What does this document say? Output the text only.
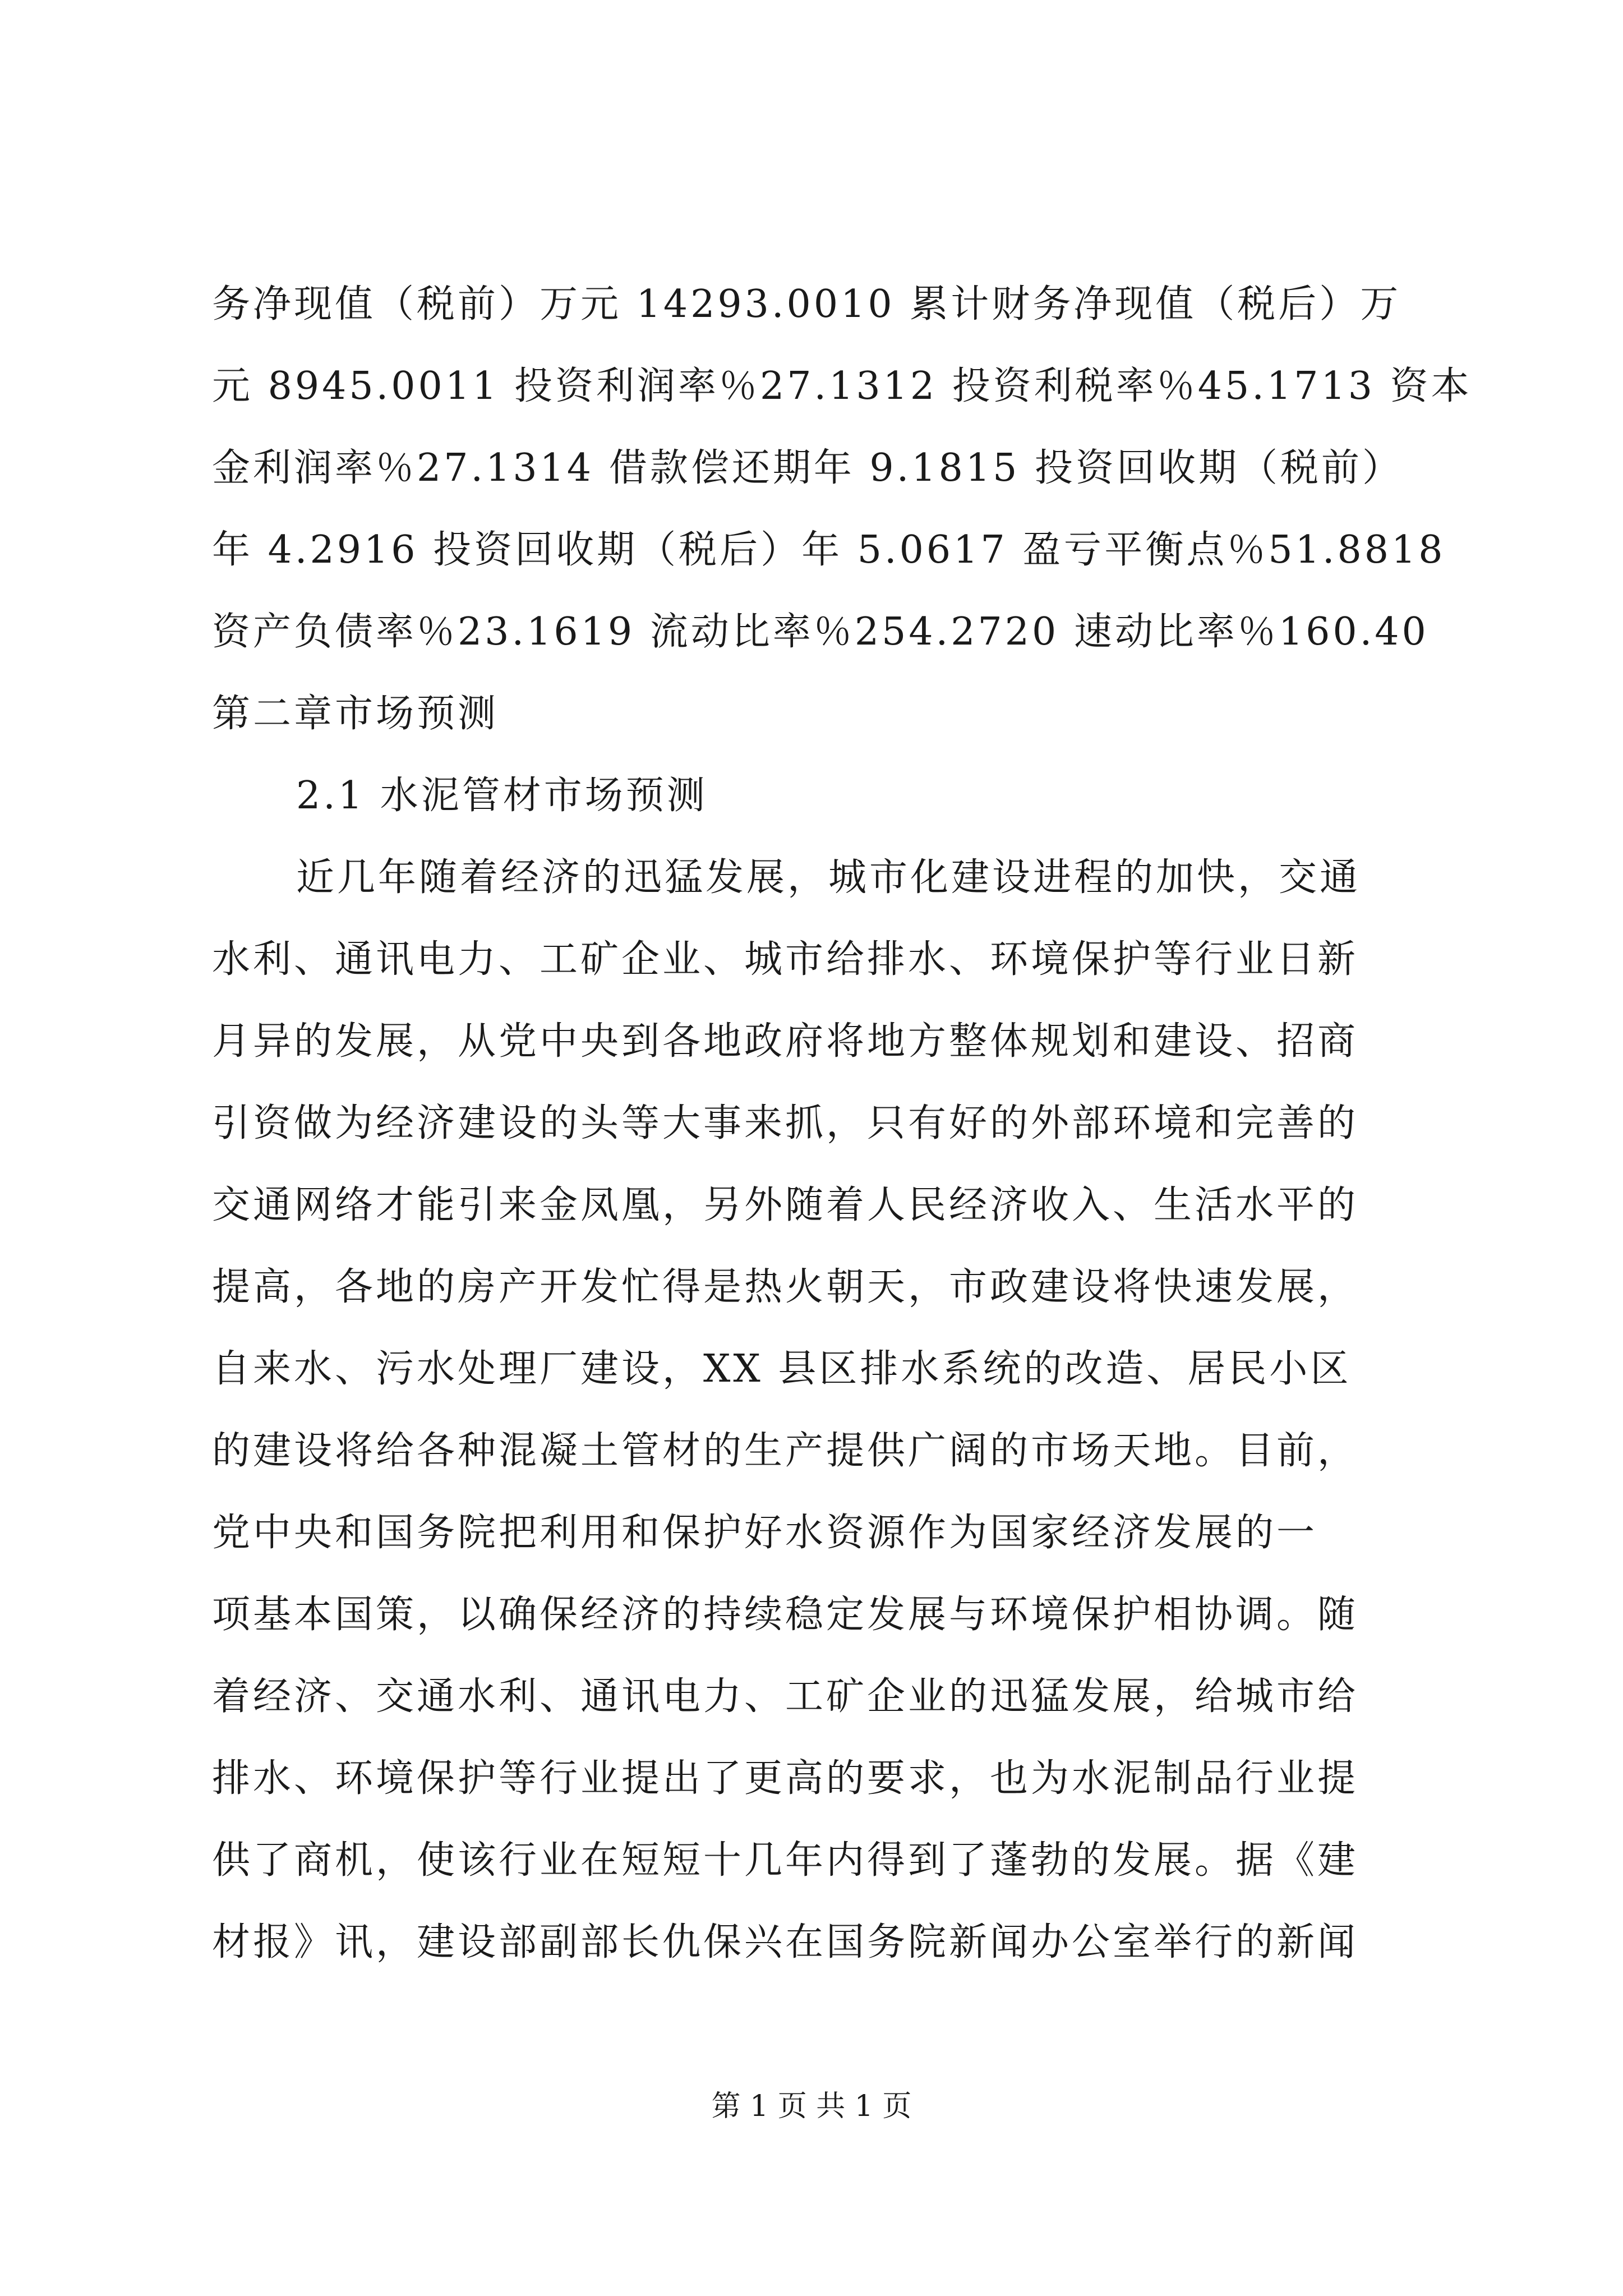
务净现值（税前）万元 14293.0010 累计财务净现值（税后）万
元 8945.0011 投资利润率％27.1312 投资利税率％45.1713 资本
金利润率％27.1314 借款偿还期年 9.1815 投资回收期（税前）
年 4.2916 投资回收期（税后）年 5.0617 盈亏平衡点％51.8818
资产负债率％23.1619 流动比率％254.2720 速动比率％160.40
第二章市场预测
2.1 水泥管材市场预测
近几年随着经济的迅猛发展，城市化建设进程的加快，交通
水利、通讯电力、工矿企业、城市给排水、环境保护等行业日新
月异的发展，从党中央到各地政府将地方整体规划和建设、招商
引资做为经济建设的头等大事来抓，只有好的外部环境和完善的
交通网络才能引来金凤凰，另外随着人民经济收入、生活水平的
提高，各地的房产开发忙得是热火朝天，市政建设将快速发展，
自来水、污水处理厂建设，XX 县区排水系统的改造、居民小区
的建设将给各种混凝土管材的生产提供广阔的市场天地。目前，
党中央和国务院把利用和保护好水资源作为国家经济发展的一
项基本国策，以确保经济的持续稳定发展与环境保护相协调。随
着经济、交通水利、通讯电力、工矿企业的迅猛发展，给城市给
排水、环境保护等行业提出了更高的要求，也为水泥制品行业提
供了商机，使该行业在短短十几年内得到了蓬勃的发展。据《建
材报》讯，建设部副部长仇保兴在国务院新闻办公室举行的新闻
第 1 页 共 1 页
